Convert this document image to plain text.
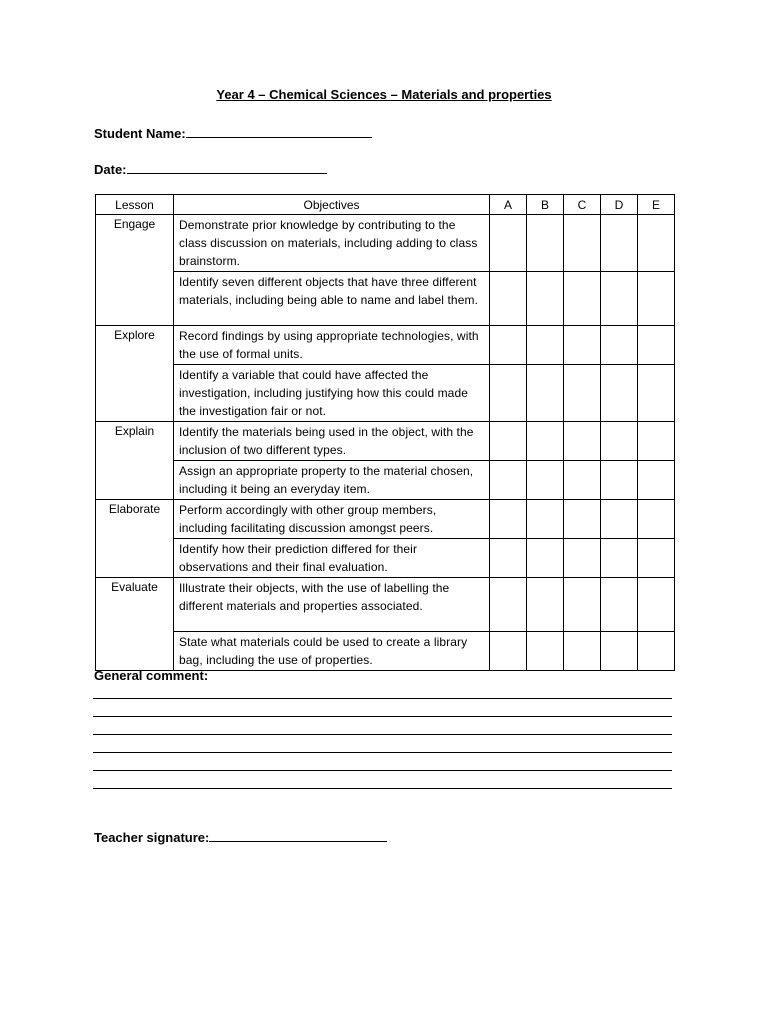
Year 4 – Chemical Sciences – Materials and properties
Student Name:
Date:
Lesson	Objectives	A	B	C	D	E
Engage	Demonstrate prior knowledge by contributing to the class discussion on materials, including adding to class brainstorm.					
	Identify seven different objects that have three different materials, including being able to name and label them.					
Explore	Record findings by using appropriate technologies, with the use of formal units.					
	Identify a variable that could have affected the investigation, including justifying how this could made the investigation fair or not.					
Explain	Identify the materials being used in the object, with the inclusion of two different types.					
	Assign an appropriate property to the material chosen, including it being an everyday item.					
Elaborate	Perform accordingly with other group members, including facilitating discussion amongst peers.					
	Identify how their prediction differed for their observations and their final evaluation.					
Evaluate	Illustrate their objects, with the use of labelling the different materials and properties associated.					
	State what materials could be used to create a library bag, including the use of properties.					
General comment:
Teacher signature:
